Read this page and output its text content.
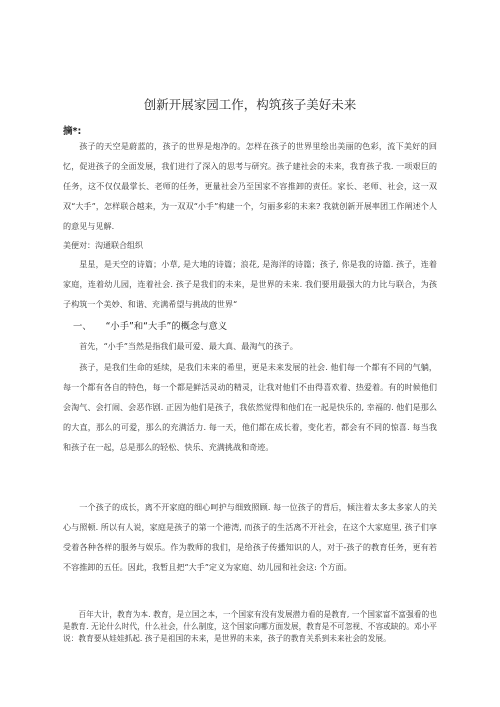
创新开展家园工作，构筑孩子美好未来
摘*:

孩子的天空是蔚蓝的，孩子的世界是炮净的。怎样在孩子的世界里绘出美丽的色彩，流下美好的回忆，促进孩子的全面发展，我们进行了深入的思考与研究。孩子建社会的未来，我育孩子我. 一项艰巨的任务，这不仅仅最掌长、老师的任务，更量社会乃至国家不容推卸的责任。家长、老师、社会，这一双双“大手”，怎样联合越来，为一双双“小手”构建一个，匀丽多彩的未来? 我就创新开展率团工作阐述个人的意见与见解.

美便对：沟通联合组织

星星，是天空的诗篇；小草, 是大地的诗篇；浪花, 是海洋的诗篇；孩子, 你是我的诗篇. 孩子，连着家庭，连着幼儿园，连着社会. 孩子是我们的未来，是世界的未来. 我们要用最强大的力比与联合，为孩子构筑一个美妙、和谐、充满希望与挑战的世界“

一、 “小手”和“大手”的概念与意义

首先，“小手”当然是指我们最可爱、最大真、最淘气的孩子。

孩子，是我们生命的延续，是我们未来的希里，更是未来发展的社会. 他们每一个都有不同的气躺，每一个都有各自的特色，每一个都是鲜活灵动的精灵，让我对他们不由得喜欢着、热爱着。有的时候他们会淘气、会打闹、会恶作剧. 正因为他们是孩子，我依然觉得和他们在一起是快乐的, 幸福的. 他们是那么的大直，那么的可爱，那么的充满活力. 每一天，他们都在成长着，变化若，都会有不同的惊喜. 每当我和孩子在一起，总是那么的轻松、快乐、充满挑战和奇迹。

一个孩子的成长，离不开家庭的细心呵护与细致照顾. 每一位孩子的背后，倾注着太多太多家人的关心与照顿. 所以有人说，家庭是孩子的第一个港湾, 而孩子的生活离不开社会，在这个大家庭里, 孩子们享受着各种各样的服务与娱乐。作为教师的我们，是给孩子传播知识的人，对于-孩子的教育任务，更有若不容推卸的五任。因此，我暂且把“大手”定义为家庭、幼儿园和社会这: 个方面。

百年大计，教育为本. 教育，是立国之本，一个国家有没有发展潜力看的是教育, 一个国家富不富强看的也是教育. 无论什么时代，什么社会，什么制度，这个国家向哪方面发展，教育是不可忽视、不容或缺的。邓小平说：教育要从娃娃抓起. 孩子是祖国的未来，是世界的未来，孩子的教育关系到未来社会的发展。
